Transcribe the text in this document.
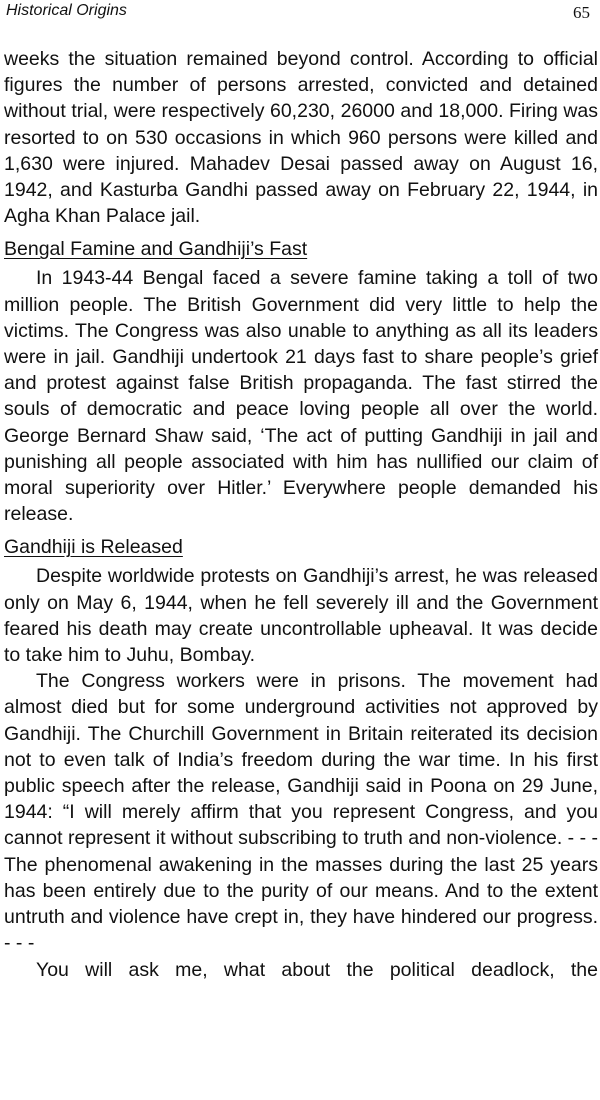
Historical Origins	65

weeks the situation remained beyond control. According to official figures the number of persons arrested, convicted and detained without trial, were respectively 60,230, 26000 and 18,000. Firing was resorted to on 530 occasions in which 960 persons were killed and 1,630 were injured. Mahadev Desai passed away on August 16, 1942, and Kasturba Gandhi passed away on February 22, 1944, in Agha Khan Palace jail.

Bengal Famine and Gandhiji’s Fast

In 1943-44 Bengal faced a severe famine taking a toll of two million people. The British Government did very little to help the victims. The Congress was also unable to anything as all its leaders were in jail. Gandhiji undertook 21 days fast to share people’s grief and protest against false British propaganda. The fast stirred the souls of democratic and peace loving people all over the world. George Bernard Shaw said, ‘The act of putting Gandhiji in jail and punishing all people associated with him has nullified our claim of moral superiority over Hitler.’ Everywhere people demanded his release.

Gandhiji is Released

Despite worldwide protests on Gandhiji’s arrest, he was released only on May 6, 1944, when he fell severely ill and the Government feared his death may create uncontrollable upheaval. It was decide to take him to Juhu, Bombay.

The Congress workers were in prisons. The movement had almost died but for some underground activities not approved by Gandhiji. The Churchill Government in Britain reiterated its decision not to even talk of India’s freedom during the war time. In his first public speech after the release, Gandhiji said in Poona on 29 June, 1944: “I will merely affirm that you represent Congress, and you cannot represent it without subscribing to truth and non-violence. - - - The phenomenal awakening in the masses during the last 25 years has been entirely due to the purity of our means. And to the extent untruth and violence have crept in, they have hindered our progress. - - -

You will ask me, what about the political deadlock, the
